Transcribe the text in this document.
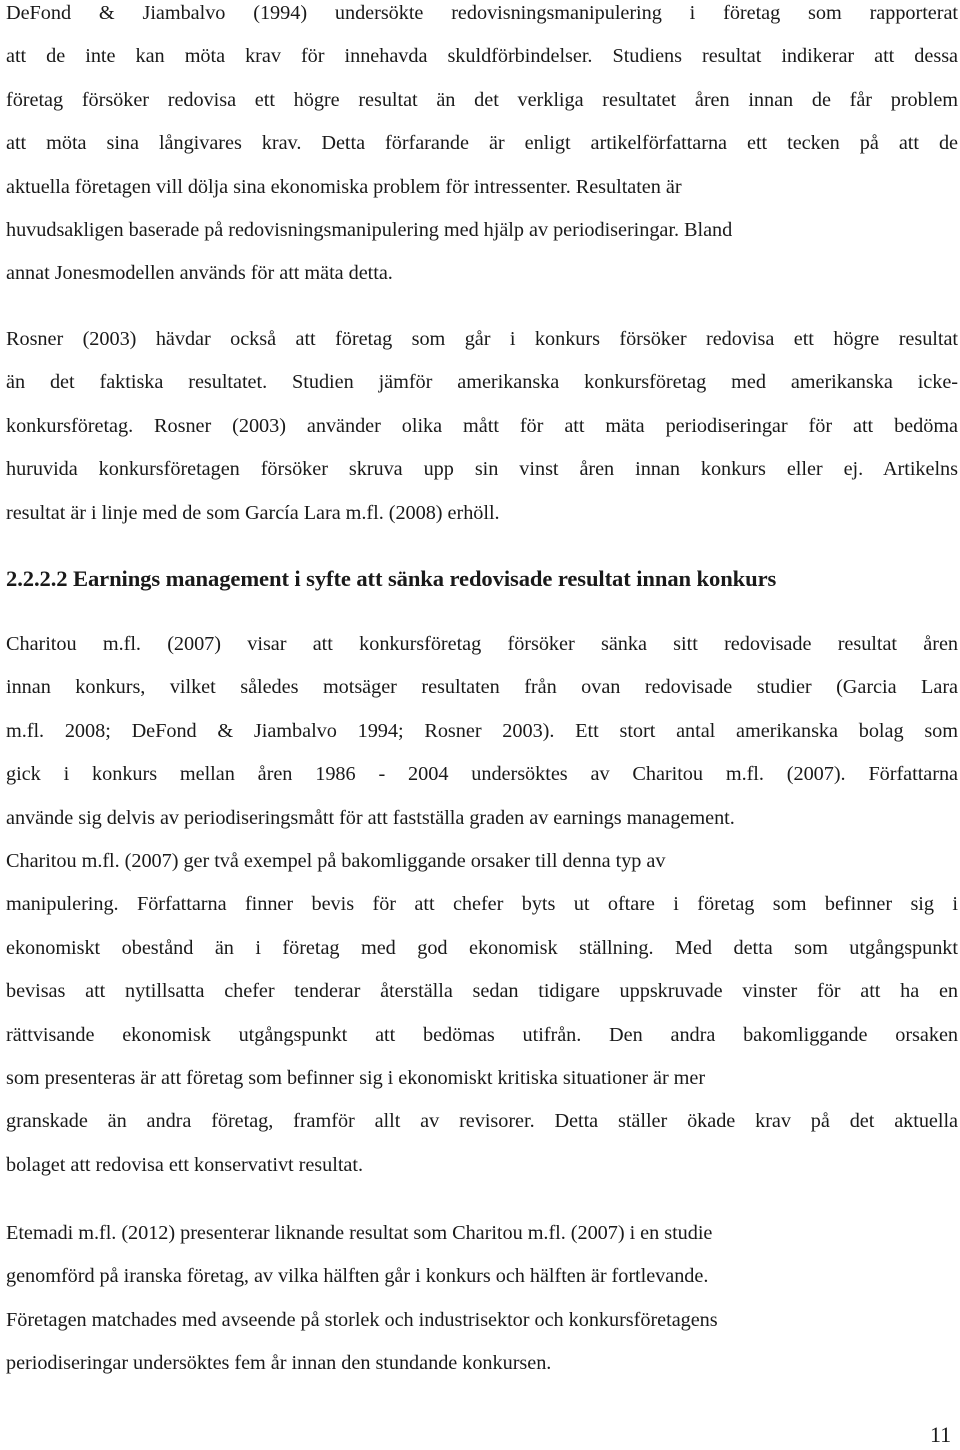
DeFond & Jiambalvo (1994) undersökte redovisningsmanipulering i företag som rapporterat
att de inte kan möta krav för innehavda skuldförbindelser. Studiens resultat indikerar att dessa
företag försöker redovisa ett högre resultat än det verkliga resultatet åren innan de får problem
att möta sina långivares krav. Detta förfarande är enligt artikelförfattarna ett tecken på att de
aktuella företagen vill dölja sina ekonomiska problem för intressenter. Resultaten är
huvudsakligen baserade på redovisningsmanipulering med hjälp av periodiseringar. Bland
annat Jonesmodellen används för att mäta detta.

Rosner (2003) hävdar också att företag som går i konkurs försöker redovisa ett högre resultat
än det faktiska resultatet. Studien jämför amerikanska konkursföretag med amerikanska icke-
konkursföretag. Rosner (2003) använder olika mått för att mäta periodiseringar för att bedöma
huruvida konkursföretagen försöker skruva upp sin vinst åren innan konkurs eller ej. Artikelns
resultat är i linje med de som García Lara m.fl. (2008) erhöll.

2.2.2.2 Earnings management i syfte att sänka redovisade resultat innan konkurs

Charitou m.fl. (2007) visar att konkursföretag försöker sänka sitt redovisade resultat åren
innan konkurs, vilket således motsäger resultaten från ovan redovisade studier (Garcia Lara
m.fl. 2008; DeFond & Jiambalvo 1994; Rosner 2003). Ett stort antal amerikanska bolag som
gick i konkurs mellan åren 1986 - 2004 undersöktes av Charitou m.fl. (2007). Författarna
använde sig delvis av periodiseringsmått för att fastställa graden av earnings management.
Charitou m.fl. (2007) ger två exempel på bakomliggande orsaker till denna typ av
manipulering. Författarna finner bevis för att chefer byts ut oftare i företag som befinner sig i
ekonomiskt obestånd än i företag med god ekonomisk ställning. Med detta som utgångspunkt
bevisas att nytillsatta chefer tenderar återställa sedan tidigare uppskruvade vinster för att ha en
rättvisande ekonomisk utgångspunkt att bedömas utifrån. Den andra bakomliggande orsaken
som presenteras är att företag som befinner sig i ekonomiskt kritiska situationer är mer
granskade än andra företag, framför allt av revisorer. Detta ställer ökade krav på det aktuella
bolaget att redovisa ett konservativt resultat.

Etemadi m.fl. (2012) presenterar liknande resultat som Charitou m.fl. (2007) i en studie
genomförd på iranska företag, av vilka hälften går i konkurs och hälften är fortlevande.
Företagen matchades med avseende på storlek och industrisektor och konkursföretagens
periodiseringar undersöktes fem år innan den stundande konkursen.

11
